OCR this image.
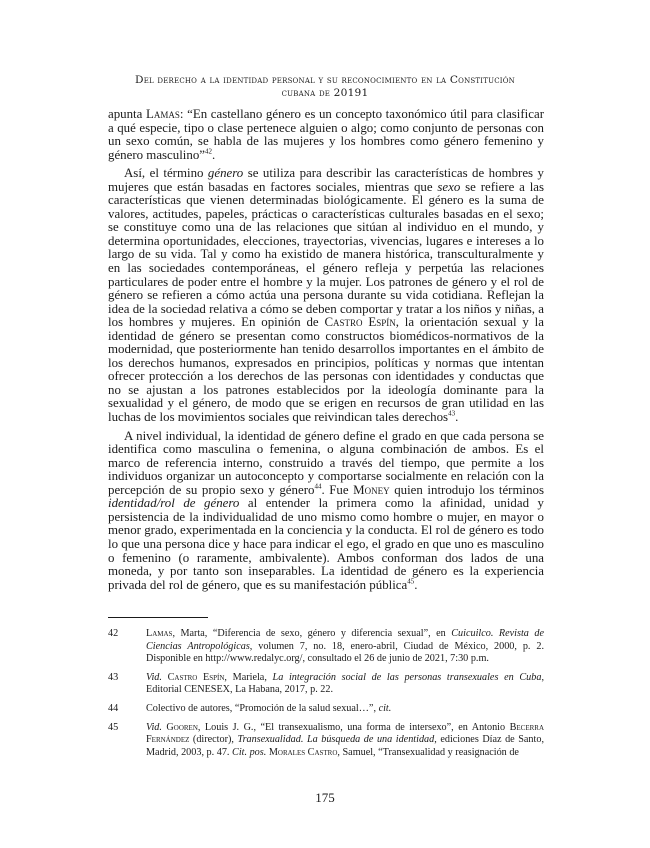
Del derecho a la identidad personal y su reconocimiento en la Constitución
cubana de 20191

apunta Lamas: “En castellano género es un concepto taxonómico útil para clasificar a qué especie, tipo o clase pertenece alguien o algo; como conjunto de personas con un sexo común, se habla de las mujeres y los hombres como género femenino y género masculino”$^{42}$.

Así, el término género se utiliza para describir las características de hombres y mujeres que están basadas en factores sociales, mientras que sexo se refiere a las características que vienen determinadas biológicamente. El género es la suma de valores, actitudes, papeles, prácticas o características culturales basadas en el sexo; se constituye como una de las relaciones que sitúan al individuo en el mundo, y determina oportunidades, elecciones, trayectorias, vivencias, lugares e intereses a lo largo de su vida. Tal y como ha existido de manera histórica, transculturalmente y en las sociedades contemporáneas, el género refleja y perpetúa las relaciones particulares de poder entre el hombre y la mujer. Los patrones de género y el rol de género se refieren a cómo actúa una persona durante su vida cotidiana. Reflejan la idea de la sociedad relativa a cómo se deben comportar y tratar a los niños y niñas, a los hombres y mujeres. En opinión de Castro Espín, la orientación sexual y la identidad de género se presentan como constructos biomédicos-normativos de la modernidad, que posteriormente han tenido desarrollos importantes en el ámbito de los derechos humanos, expresados en principios, políticas y normas que intentan ofrecer protección a los derechos de las personas con identidades y conductas que no se ajustan a los patrones establecidos por la ideología dominante para la sexualidad y el género, de modo que se erigen en recursos de gran utilidad en las luchas de los movimientos sociales que reivindican tales derechos$^{43}$.

A nivel individual, la identidad de género define el grado en que cada persona se identifica como masculina o femenina, o alguna combinación de ambos. Es el marco de referencia interno, construido a través del tiempo, que permite a los individuos organizar un autoconcepto y comportarse socialmente en relación con la percepción de su propio sexo y género$^{44}$. Fue Money quien introdujo los términos identidad/rol de género al entender la primera como la afinidad, unidad y persistencia de la individualidad de uno mismo como hombre o mujer, en mayor o menor grado, experimentada en la conciencia y la conducta. El rol de género es todo lo que una persona dice y hace para indicar el ego, el grado en que uno es masculino o femenino (o raramente, ambivalente). Ambos conforman dos lados de una moneda, y por tanto son inseparables. La identidad de género es la experiencia privada del rol de género, que es su manifestación pública$^{45}$.

42	Lamas, Marta, “Diferencia de sexo, género y diferencia sexual”, en Cuicuilco. Revista de Ciencias Antropológicas, volumen 7, no. 18, enero-abril, Ciudad de México, 2000, p. 2. Disponible en http://www.redalyc.org/, consultado el 26 de junio de 2021, 7:30 p.m.
43	Vid. Castro Espín, Mariela, La integración social de las personas transexuales en Cuba, Editorial CENESEX, La Habana, 2017, p. 22.
44	Colectivo de autores, “Promoción de la salud sexual…”, cit.
45	Vid. Gooren, Louis J. G., “El transexualismo, una forma de intersexo”, en Antonio Becerra Fernández (director), Transexualidad. La búsqueda de una identidad, ediciones Díaz de Santo, Madrid, 2003, p. 47. Cit. pos. Morales Castro, Samuel, “Transexualidad y reasignación de
175
